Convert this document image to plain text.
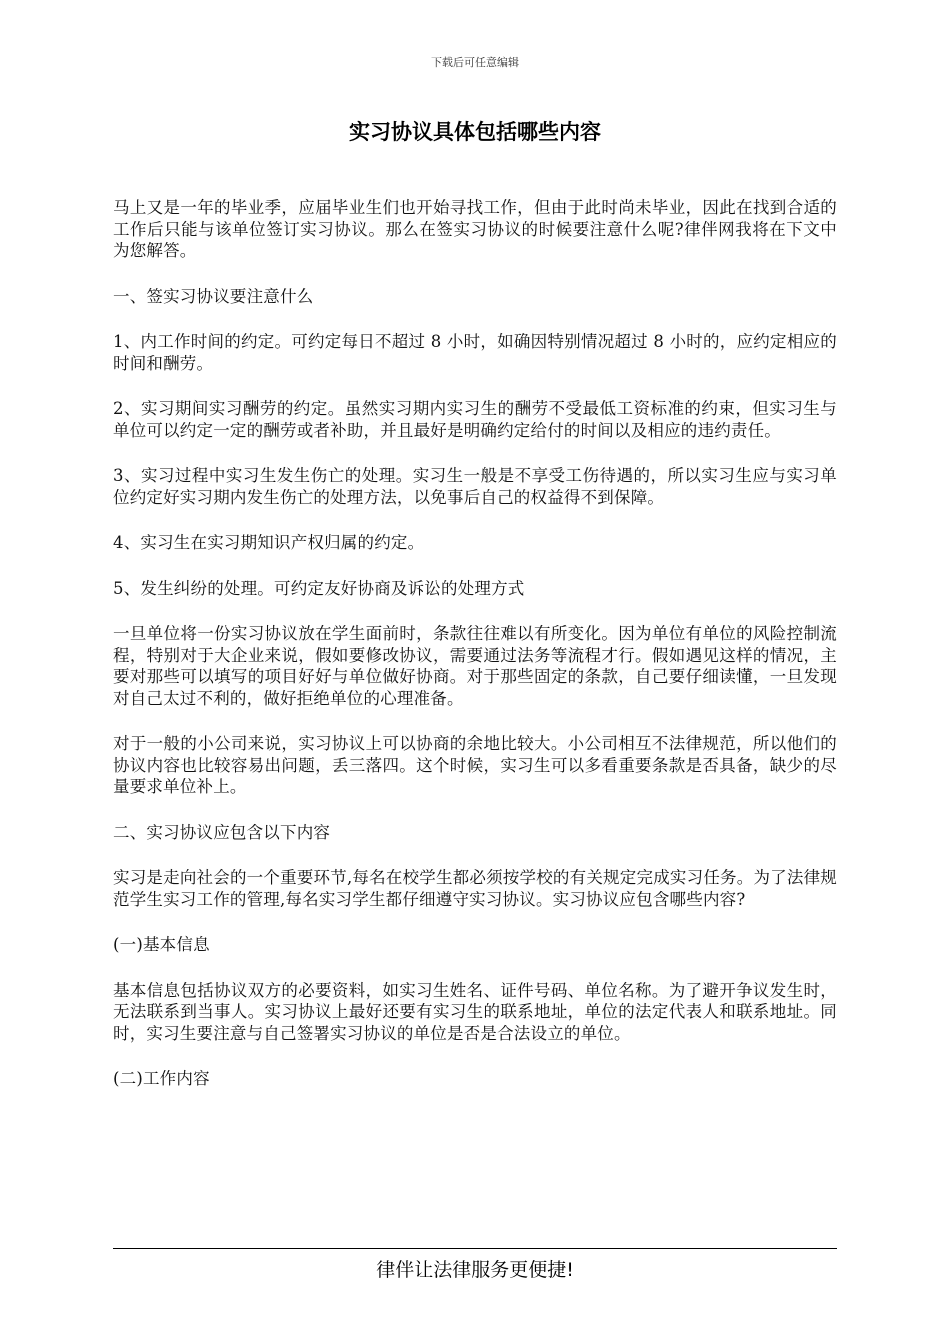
下载后可任意编辑
实习协议具体包括哪些内容

马上又是一年的毕业季，应届毕业生们也开始寻找工作，但由于此时尚未毕业，因此在找到合适的工作后只能与该单位签订实习协议。那么在签实习协议的时候要注意什么呢?律伴网我将在下文中为您解答。

一、签实习协议要注意什么

1、内工作时间的约定。可约定每日不超过 8 小时，如确因特别情况超过 8 小时的，应约定相应的时间和酬劳。

2、实习期间实习酬劳的约定。虽然实习期内实习生的酬劳不受最低工资标准的约束，但实习生与单位可以约定一定的酬劳或者补助，并且最好是明确约定给付的时间以及相应的违约责任。

3、实习过程中实习生发生伤亡的处理。实习生一般是不享受工伤待遇的，所以实习生应与实习单位约定好实习期内发生伤亡的处理方法，以免事后自己的权益得不到保障。

4、实习生在实习期知识产权归属的约定。

5、发生纠纷的处理。可约定友好协商及诉讼的处理方式

一旦单位将一份实习协议放在学生面前时，条款往往难以有所变化。因为单位有单位的风险控制流程，特别对于大企业来说，假如要修改协议，需要通过法务等流程才行。假如遇见这样的情况，主要对那些可以填写的项目好好与单位做好协商。对于那些固定的条款，自己要仔细读懂，一旦发现对自己太过不利的，做好拒绝单位的心理准备。

对于一般的小公司来说，实习协议上可以协商的余地比较大。小公司相互不法律规范，所以他们的协议内容也比较容易出问题，丢三落四。这个时候，实习生可以多看重要条款是否具备，缺少的尽量要求单位补上。

二、实习协议应包含以下内容

实习是走向社会的一个重要环节,每名在校学生都必须按学校的有关规定完成实习任务。为了法律规范学生实习工作的管理,每名实习学生都仔细遵守实习协议。实习协议应包含哪些内容?

(一)基本信息

基本信息包括协议双方的必要资料，如实习生姓名、证件号码、单位名称。为了避开争议发生时，无法联系到当事人。实习协议上最好还要有实习生的联系地址，单位的法定代表人和联系地址。同时，实习生要注意与自己签署实习协议的单位是否是合法设立的单位。

(二)工作内容

律伴让法律服务更便捷!
